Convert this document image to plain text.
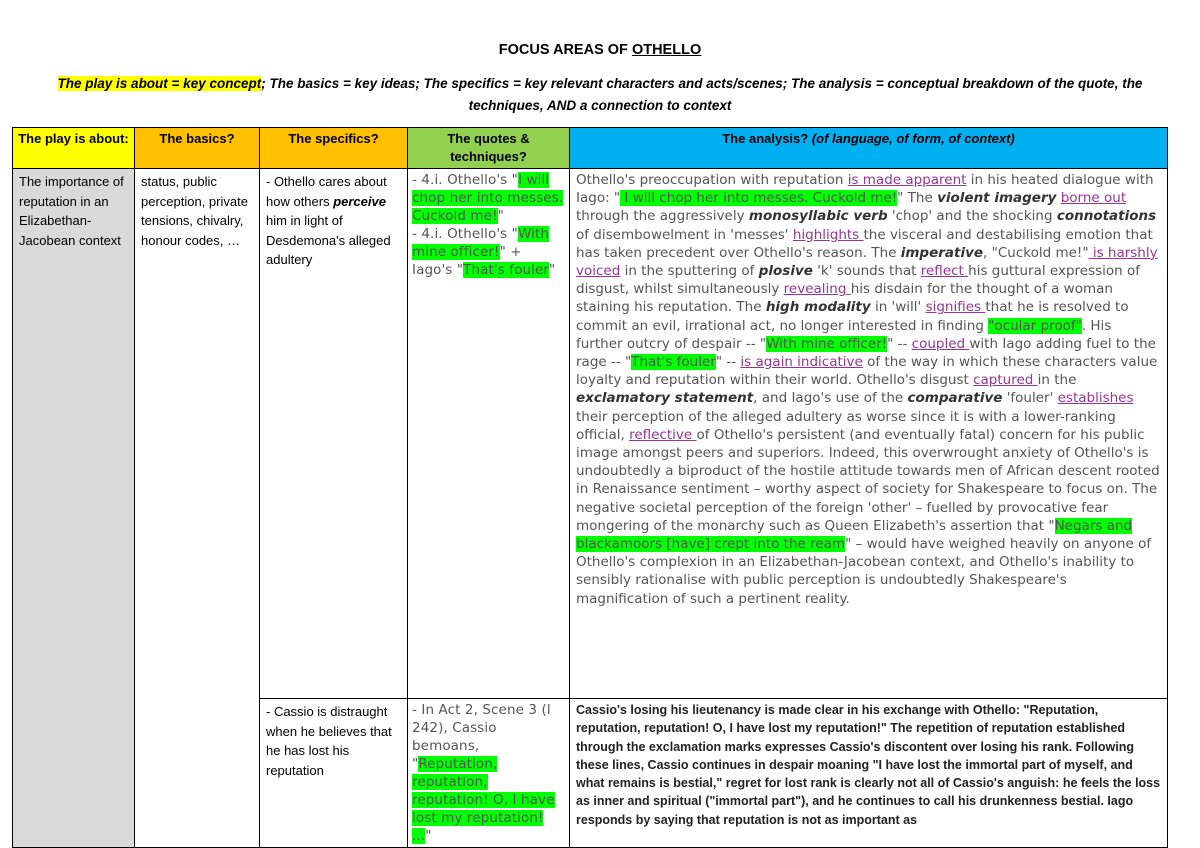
FOCUS AREAS OF OTHELLO
The play is about = key concept; The basics = key ideas; The specifics = key relevant characters and acts/scenes; The analysis = conceptual breakdown of the quote, the techniques, AND a connection to context
The play is about:	The basics?	The specifics?	The quotes & techniques?	The analysis? (of language, of form, of context)
The importance of reputation in an Elizabethan-Jacobean context	status, public perception, private tensions, chivalry, honour codes, …	- Othello cares about how others perceive him in light of Desdemona's alleged adultery	- 4.i. Othello's "I will chop her into messes. Cuckold me!"
- 4.i. Othello's "With mine officer!" + Iago's "That's fouler"	Othello's preoccupation with reputation is made apparent in his heated dialogue with Iago: " I will chop her into messes. Cuckold me!" The violent imagery borne out through the aggressively monosyllabic verb 'chop' and the shocking connotations of disembowelment in 'messes' highlights the visceral and destabilising emotion that has taken precedent over Othello's reason. The imperative, "Cuckold me!" is harshly voiced in the sputtering of plosive 'k' sounds that reflect his guttural expression of disgust, whilst simultaneously revealing his disdain for the thought of a woman staining his reputation. The high modality in 'will' signifies that he is resolved to commit an evil, irrational act, no longer interested in finding "ocular proof". His further outcry of despair -- "With mine officer!" -- coupled with Iago adding fuel to the rage -- "That's fouler" -- is again indicative of the way in which these characters value loyalty and reputation within their world. Othello's disgust captured in the exclamatory statement, and Iago's use of the comparative 'fouler' establishes their perception of the alleged adultery as worse since it is with a lower-ranking official, reflective of Othello's persistent (and eventually fatal) concern for his public image amongst peers and superiors. Indeed, this overwrought anxiety of Othello's is undoubtedly a biproduct of the hostile attitude towards men of African descent rooted in Renaissance sentiment – worthy aspect of society for Shakespeare to focus on. The negative societal perception of the foreign 'other' – fuelled by provocative fear mongering of the monarchy such as Queen Elizabeth's assertion that "Negars and blackamoors [have] crept into the ream" – would have weighed heavily on anyone of Othello's complexion in an Elizabethan-Jacobean context, and Othello's inability to sensibly rationalise with public perception is undoubtedly Shakespeare's magnification of such a pertinent reality.
		- Cassio is distraught when he believes that he has lost his reputation	- In Act 2, Scene 3 (l 242), Cassio bemoans, "Reputation, reputation, reputation! O, I have lost my reputation! ..."	Cassio's losing his lieutenancy is made clear in his exchange with Othello: "Reputation, reputation, reputation! O, I have lost my reputation!" The repetition of reputation established through the exclamation marks expresses Cassio's discontent over losing his rank. Following these lines, Cassio continues in despair moaning "I have lost the immortal part of myself, and what remains is bestial," regret for lost rank is clearly not all of Cassio's anguish: he feels the loss as inner and spiritual ("immortal part"), and he continues to call his drunkenness bestial. Iago responds by saying that reputation is not as important as
